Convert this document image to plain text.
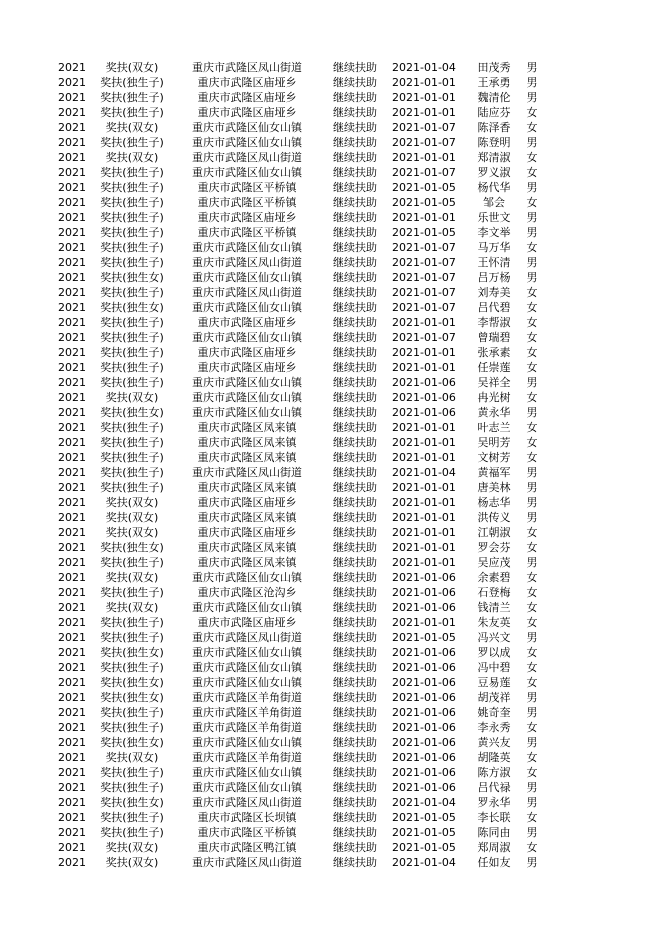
2021	奖扶(双女)	重庆市武隆区凤山街道	继续扶助	2021-01-04	田茂秀	男
2021	奖扶(独生子)	重庆市武隆区庙垭乡	继续扶助	2021-01-01	王承勇	男
2021	奖扶(独生子)	重庆市武隆区庙垭乡	继续扶助	2021-01-01	魏清伦	男
2021	奖扶(独生子)	重庆市武隆区庙垭乡	继续扶助	2021-01-01	陆应芬	女
2021	奖扶(双女)	重庆市武隆区仙女山镇	继续扶助	2021-01-07	陈泽香	女
2021	奖扶(独生子)	重庆市武隆区仙女山镇	继续扶助	2021-01-07	陈登明	男
2021	奖扶(双女)	重庆市武隆区凤山街道	继续扶助	2021-01-01	郑清淑	女
2021	奖扶(独生子)	重庆市武隆区仙女山镇	继续扶助	2021-01-07	罗义淑	女
2021	奖扶(独生子)	重庆市武隆区平桥镇	继续扶助	2021-01-05	杨代华	男
2021	奖扶(独生子)	重庆市武隆区平桥镇	继续扶助	2021-01-05	邹会	女
2021	奖扶(独生子)	重庆市武隆区庙垭乡	继续扶助	2021-01-01	乐世文	男
2021	奖扶(独生子)	重庆市武隆区平桥镇	继续扶助	2021-01-05	李文举	男
2021	奖扶(独生子)	重庆市武隆区仙女山镇	继续扶助	2021-01-07	马万华	女
2021	奖扶(独生子)	重庆市武隆区凤山街道	继续扶助	2021-01-07	王怀清	男
2021	奖扶(独生女)	重庆市武隆区仙女山镇	继续扶助	2021-01-07	吕万杨	男
2021	奖扶(独生子)	重庆市武隆区凤山街道	继续扶助	2021-01-07	刘寿美	女
2021	奖扶(独生女)	重庆市武隆区仙女山镇	继续扶助	2021-01-07	吕代碧	女
2021	奖扶(独生子)	重庆市武隆区庙垭乡	继续扶助	2021-01-01	李帮淑	女
2021	奖扶(独生子)	重庆市武隆区仙女山镇	继续扶助	2021-01-07	曾瑞碧	女
2021	奖扶(独生子)	重庆市武隆区庙垭乡	继续扶助	2021-01-01	张承素	女
2021	奖扶(独生子)	重庆市武隆区庙垭乡	继续扶助	2021-01-01	任崇莲	女
2021	奖扶(独生子)	重庆市武隆区仙女山镇	继续扶助	2021-01-06	吴祥全	男
2021	奖扶(双女)	重庆市武隆区仙女山镇	继续扶助	2021-01-06	冉光树	女
2021	奖扶(独生女)	重庆市武隆区仙女山镇	继续扶助	2021-01-06	黄永华	男
2021	奖扶(独生子)	重庆市武隆区凤来镇	继续扶助	2021-01-01	叶志兰	女
2021	奖扶(独生子)	重庆市武隆区凤来镇	继续扶助	2021-01-01	吴明芳	女
2021	奖扶(独生子)	重庆市武隆区凤来镇	继续扶助	2021-01-01	文树芳	女
2021	奖扶(独生子)	重庆市武隆区凤山街道	继续扶助	2021-01-04	黄福军	男
2021	奖扶(独生子)	重庆市武隆区凤来镇	继续扶助	2021-01-01	唐美林	男
2021	奖扶(双女)	重庆市武隆区庙垭乡	继续扶助	2021-01-01	杨志华	男
2021	奖扶(双女)	重庆市武隆区凤来镇	继续扶助	2021-01-01	洪传义	男
2021	奖扶(双女)	重庆市武隆区庙垭乡	继续扶助	2021-01-01	江朝淑	女
2021	奖扶(独生女)	重庆市武隆区凤来镇	继续扶助	2021-01-01	罗会芬	女
2021	奖扶(独生子)	重庆市武隆区凤来镇	继续扶助	2021-01-01	吴应茂	男
2021	奖扶(双女)	重庆市武隆区仙女山镇	继续扶助	2021-01-06	余素碧	女
2021	奖扶(独生子)	重庆市武隆区沧沟乡	继续扶助	2021-01-06	石登梅	女
2021	奖扶(双女)	重庆市武隆区仙女山镇	继续扶助	2021-01-06	钱清兰	女
2021	奖扶(独生子)	重庆市武隆区庙垭乡	继续扶助	2021-01-01	朱友英	女
2021	奖扶(独生子)	重庆市武隆区凤山街道	继续扶助	2021-01-05	冯兴文	男
2021	奖扶(独生女)	重庆市武隆区仙女山镇	继续扶助	2021-01-06	罗以成	女
2021	奖扶(独生子)	重庆市武隆区仙女山镇	继续扶助	2021-01-06	冯中碧	女
2021	奖扶(独生女)	重庆市武隆区仙女山镇	继续扶助	2021-01-06	豆易莲	女
2021	奖扶(独生女)	重庆市武隆区羊角街道	继续扶助	2021-01-06	胡茂祥	男
2021	奖扶(独生子)	重庆市武隆区羊角街道	继续扶助	2021-01-06	姚奇奎	男
2021	奖扶(独生子)	重庆市武隆区羊角街道	继续扶助	2021-01-06	李永秀	女
2021	奖扶(独生女)	重庆市武隆区仙女山镇	继续扶助	2021-01-06	黄兴友	男
2021	奖扶(双女)	重庆市武隆区羊角街道	继续扶助	2021-01-06	胡隆英	女
2021	奖扶(独生子)	重庆市武隆区仙女山镇	继续扶助	2021-01-06	陈方淑	女
2021	奖扶(独生子)	重庆市武隆区仙女山镇	继续扶助	2021-01-06	吕代禄	男
2021	奖扶(独生女)	重庆市武隆区凤山街道	继续扶助	2021-01-04	罗永华	男
2021	奖扶(独生子)	重庆市武隆区长坝镇	继续扶助	2021-01-05	李长联	女
2021	奖扶(独生子)	重庆市武隆区平桥镇	继续扶助	2021-01-05	陈同由	男
2021	奖扶(双女)	重庆市武隆区鸭江镇	继续扶助	2021-01-05	郑周淑	女
2021	奖扶(双女)	重庆市武隆区凤山街道	继续扶助	2021-01-04	任如友	男
